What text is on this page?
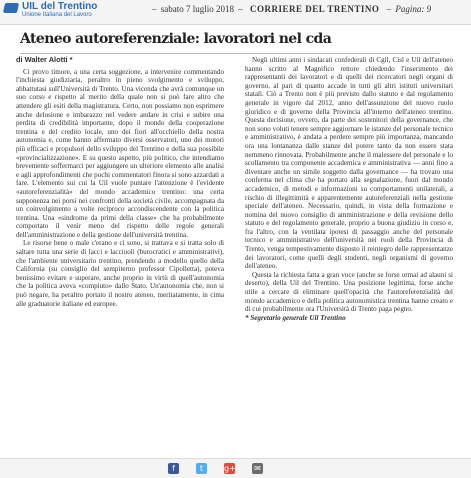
UIL del Trentino
Unione Italiana del Lavoro
– sabato 7 luglio 2018 – CORRIERE DEL TRENTINO – Pagina: 9
Ateneo autoreferenziale: lavoratori nel cda

di Walter Alotti *

Ci provo timore, a una certa soggezione, a intervenire commentando l'inchiesta giudiziaria, peraltro in pieno svolgimento e sviluppo, abbattutasi sull'Università di Trento. Una vicenda che avrà comunque un suo corso e rispetto al merito della quale non si può fare altro che attendere gli esiti della magistratura. Certo, non possiamo non esprimere anche delusione e imbarazzo nel vedere andare in crisi e subire una perdita di credibilità importante, dopo il mondo della cooperazione trentina e del credito locale, uno dei fiori all'occhiello della nostra autonomia e, come hanno affermato diversi osservatori, uno dei motori più efficaci e propulsori dello sviluppo del Trentino e della sua possibile «provincializzazione». E su questo aspetto, più politico, che intendiamo brevemente soffermarci per aggiungere un ulteriore elemento alle analisi e agli approfondimenti che pochi commentatori finora si sono azzardati a fare. L'elemento sui cui la Uil vuole puntare l'attenzione è l'evidente «autoreferenzialità» del mondo accademico trentino: una certa supponenza nei porsi nei confronti della società civile, accompagnata da un coinvolgimento a volte reciproco accondiscendente con la politica trentina. Una «sindrome da primi della classe» che ha probabilmente comportato il venir meno del rispetto delle regole generali dell'amministrazione e della gestione dell'università trentina.

Le risorse bene o male c'erano e ci sono, si trattava e si tratta solo di saltare tutta una serie di lacci e lacciuoli (burocratici e amministrativi), che l'ambiente universitario trentino, prendendo a modello quello della California (su consiglio del sempiterno professor Cipolletta), poteva benissimo evitare e superare, anche proprio in virtù di quell'autonomia che la politica aveva «compiuto» dallo Stato. Un'autonomia che, non si può negare, ha peraltro portato il nostro ateneo, meritatamente, in cima alle graduatorie italiane ed europee.

Negli ultimi anni i sindacati confederali di Cgil, Cisl e Uil dell'ateneo hanno scritto al Magnifico rettore chiedendo l'inserimento dei rappresentanti dei lavoratori e di quelli dei ricercatori negli organi di governo, al pari di quanto accade in tutti gli altri istituti universitari statali. Ciò a Trento non è più previsto dallo statuto e dal regolamento generale in vigore dal 2012, anno dell'assunzione del nuovo ruolo giuridico e di governo della Provincia all'interno dell'ateneo trentino. Questa decisione, ovvero, da parte dei sostenitori della governance, che non sono voluti tenere sempre aggiornare le istanze del personale tecnico e amministrativo, è andata a perdere sempre più importanza, mancando ora una lontananza dalle stanze del potere tanto da non essere stata nemmeno rinnovata. Probabilmente anche il malessere del personale e lo scollamento tra componente accademica e amministrativa — anni fino a diventare anche un simile soggetto dalla governance — ha trovato una conferma nel clima che ha portato alla segnalazione, fuori dal mondo accademico, di metodi e informazioni su comportamenti unilaterali, a rischio di illegittimità e apparentemente autoreferenziali nella gestione speciale dell'ateneo. Necessario, quindi, in vista della formazione e nomina del nuovo consiglio di amministrazione e della revisione dello statuto e del regolamento generale, proprio a buona giudizio in corso e, fra l'altro, con la ventilata ipotesi di passaggio anche del personale tecnico e amministrativo dell'università nei ruoli della Provincia di Trento, venga tempestivamente disposto il reintegro delle rappresentanze dei lavoratori, come quelli degli studenti, negli organismi di governo dell'ateneo.

Questa la richiesta fatta a gran voce (anche se forse ormai ad alauni si deserto), della Uil del Trentino. Una posizione legittima, forse anche utile a cercare di eliminare quell'opacità che l'autoreferenzialità del mondo accademico e della politica autonomistica trentina hanno creato e di cui probabilmente ora l'Università di Trento paga pegno.

* Segretario generale Uil Trentino

f	t	g+ ✉
